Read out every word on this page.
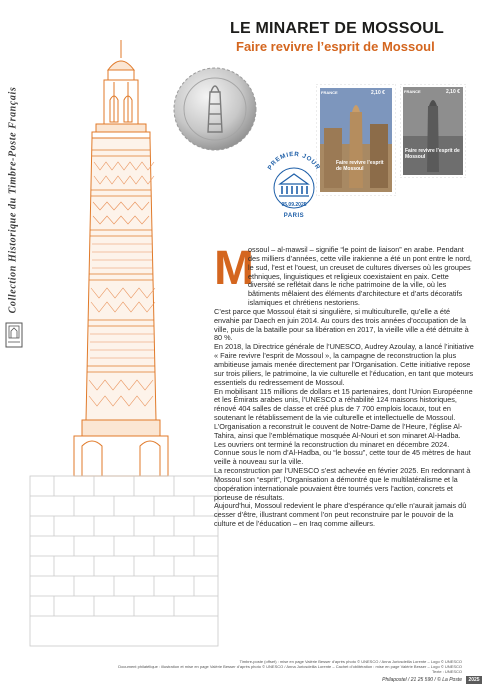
Collection Historique du Timbre-Poste Français
LE MINARET DE MOSSOUL
Faire revivre l’esprit de Mossoul
FRANCE	2,10 €
Faire revivre l’esprit de Mossoul
FRANCE	2,10 €
Faire revivre l’esprit de Mossoul
PREMIER JOUR
05.09.2025
PARIS
M

ossoul – al-mawsil – signifie “le point de liaison” en arabe. Pendant des milliers d’années, cette ville irakienne a été un pont entre le nord, le sud, l’est et l’ouest, un creuset de cultures diverses où les groupes ethniques, linguistiques et religieux coexistaient en paix. Cette diversité se reflétait dans le riche patrimoine de la ville, où les bâtiments mêlaient des éléments d’architecture et d’arts décoratifs islamiques et chrétiens nestoriens.

C’est parce que Mossoul était si singulière, si multiculturelle, qu’elle a été envahie par Daech en juin 2014. Au cours des trois années d’occupation de la ville, puis de la bataille pour sa libération en 2017, la vieille ville a été détruite à 80 %.

En 2018, la Directrice générale de l’UNESCO, Audrey Azoulay, a lancé l’initiative « Faire revivre l’esprit de Mossoul », la campagne de reconstruction la plus ambitieuse jamais menée directement par l’Organisation. Cette initiative repose sur trois piliers, le patrimoine, la vie culturelle et l’éducation, en tant que moteurs essentiels du redressement de Mossoul.

En mobilisant 115 millions de dollars et 15 partenaires, dont l’Union Européenne et les Émirats arabes unis, l’UNESCO a réhabilité 124 maisons historiques, rénové 404 salles de classe et créé plus de 7 700 emplois locaux, tout en soutenant le rétablissement de la vie culturelle et intellectuelle de Mossoul.

L’Organisation a reconstruit le couvent de Notre-Dame de l’Heure, l’église Al-Tahira, ainsi que l’emblématique mosquée Al-Nouri et son minaret Al-Hadba.

Les ouvriers ont terminé la reconstruction du minaret en décembre 2024. Connue sous le nom d’Al-Hadba, ou “le bossu”, cette tour de 45 mètres de haut veille à nouveau sur la ville.

La reconstruction par l’UNESCO s’est achevée en février 2025. En redonnant à Mossoul son “esprit”, l’Organisation a démontré que le multilatéralisme et la coopération internationale pouvaient être tournés vers l’action, concrets et porteuse de résultats.

Aujourd’hui, Mossoul redevient le phare d’espérance qu’elle n’aurait jamais dû cesser d’être, illustrant comment l’on peut reconstruire par le pouvoir de la culture et de l’éducation – en Iraq comme ailleurs.

Timbre-poste (offset) : mise en page Valérie Besser d’après photo © UNESCO / Anna Juricsdeilla Lorente – Logo © UNESCO
Document philatélique : illustration et mise en page Valérie Besser d’après photo © UNESCO / Anna Juricsdeilla Lorente – Cachet d’oblitération : mise en page Valérie Besser – Logo © UNESCO
Texte : UNESCO
Philapostel / 21 25 590 / © La Poste	2025
